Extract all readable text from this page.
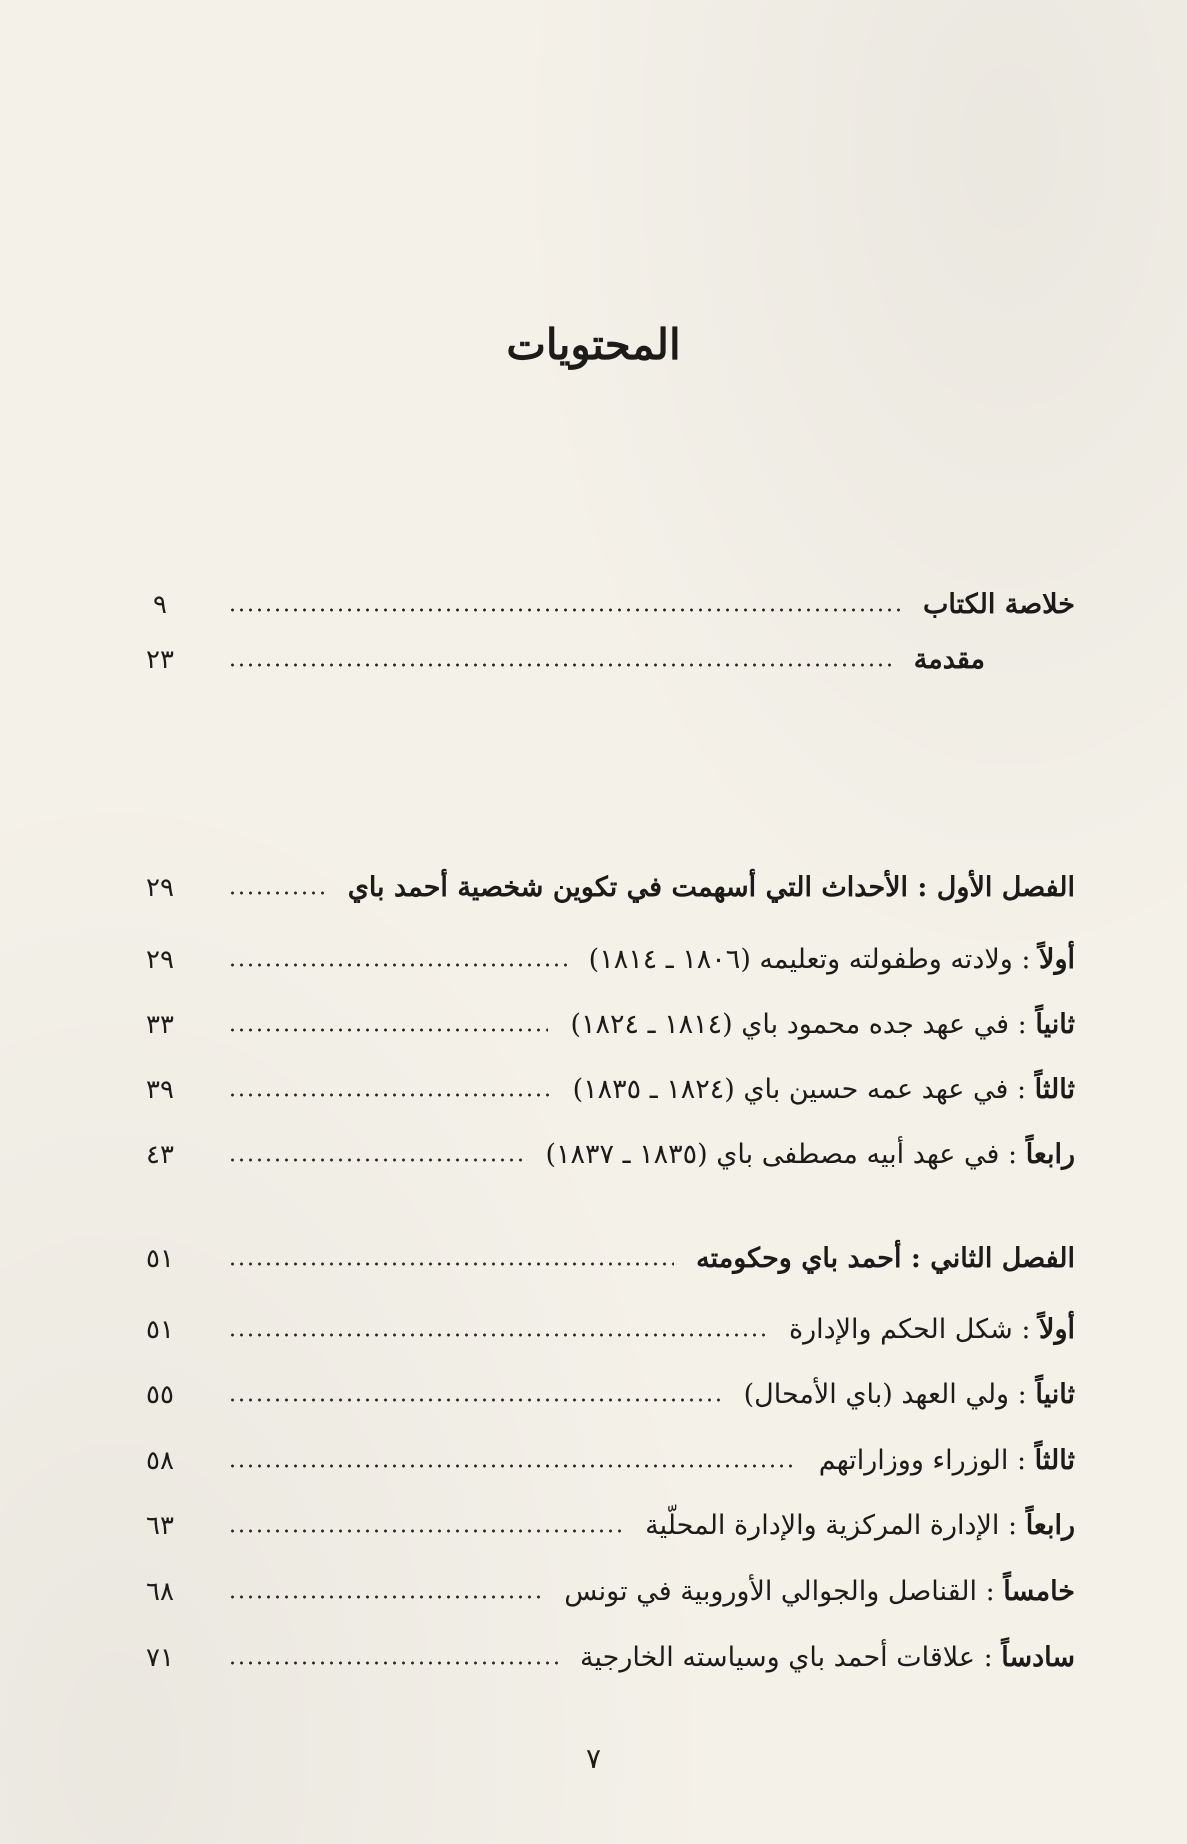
المحتويات
خلاصة الكتاب
٩
مقدمة
٢٣
الفصل الأول : الأحداث التي أسهمت في تكوين شخصية أحمد باي
٢٩
أولاً : ولادته وطفولته وتعليمه (١٨٠٦ ـ ١٨١٤)
٢٩
ثانياً : في عهد جده محمود باي (١٨١٤ ـ ١٨٢٤)
٣٣
ثالثاً : في عهد عمه حسين باي (١٨٢٤ ـ ١٨٣٥)
٣٩
رابعاً : في عهد أبيه مصطفى باي (١٨٣٥ ـ ١٨٣٧)
٤٣
الفصل الثاني : أحمد باي وحكومته
٥١
أولاً : شكل الحكم والإدارة
٥١
ثانياً : ولي العهد (باي الأمحال)
٥٥
ثالثاً : الوزراء ووزاراتهم
٥٨
رابعاً : الإدارة المركزية والإدارة المحلّية
٦٣
خامساً : القناصل والجوالي الأوروبية في تونس
٦٨
سادساً : علاقات أحمد باي وسياسته الخارجية
٧١
٧
